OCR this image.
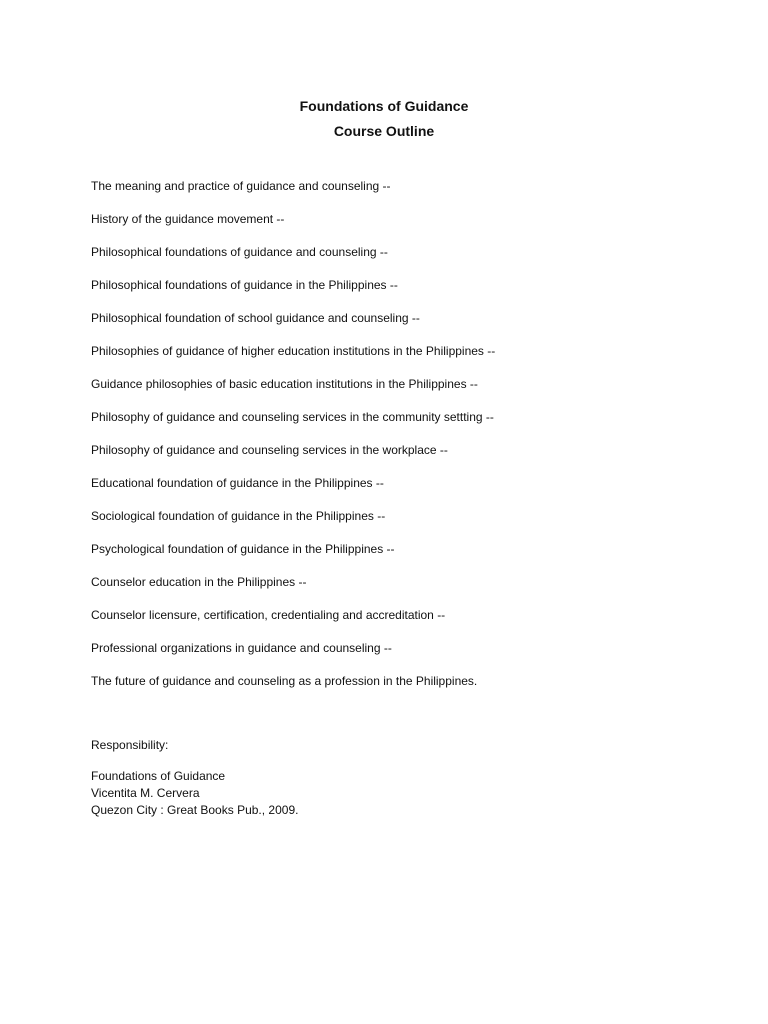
Foundations of Guidance
Course Outline
The meaning and practice of guidance and counseling --
History of the guidance movement --
Philosophical foundations of guidance and counseling --
Philosophical foundations of guidance in the Philippines --
Philosophical foundation of school guidance and counseling --
Philosophies of guidance of higher education institutions in the Philippines --
Guidance philosophies of basic education institutions in the Philippines --
Philosophy of guidance and counseling services in the community settting --
Philosophy of guidance and counseling services in the workplace --
Educational foundation of guidance in the Philippines --
Sociological foundation of guidance in the Philippines --
Psychological foundation of guidance in the Philippines --
Counselor education in the Philippines --
Counselor licensure, certification, credentialing and accreditation --
Professional organizations in guidance and counseling --
The future of guidance and counseling as a profession in the Philippines.
Responsibility:
Foundations of Guidance
Vicentita M. Cervera
Quezon City : Great Books Pub., 2009.
